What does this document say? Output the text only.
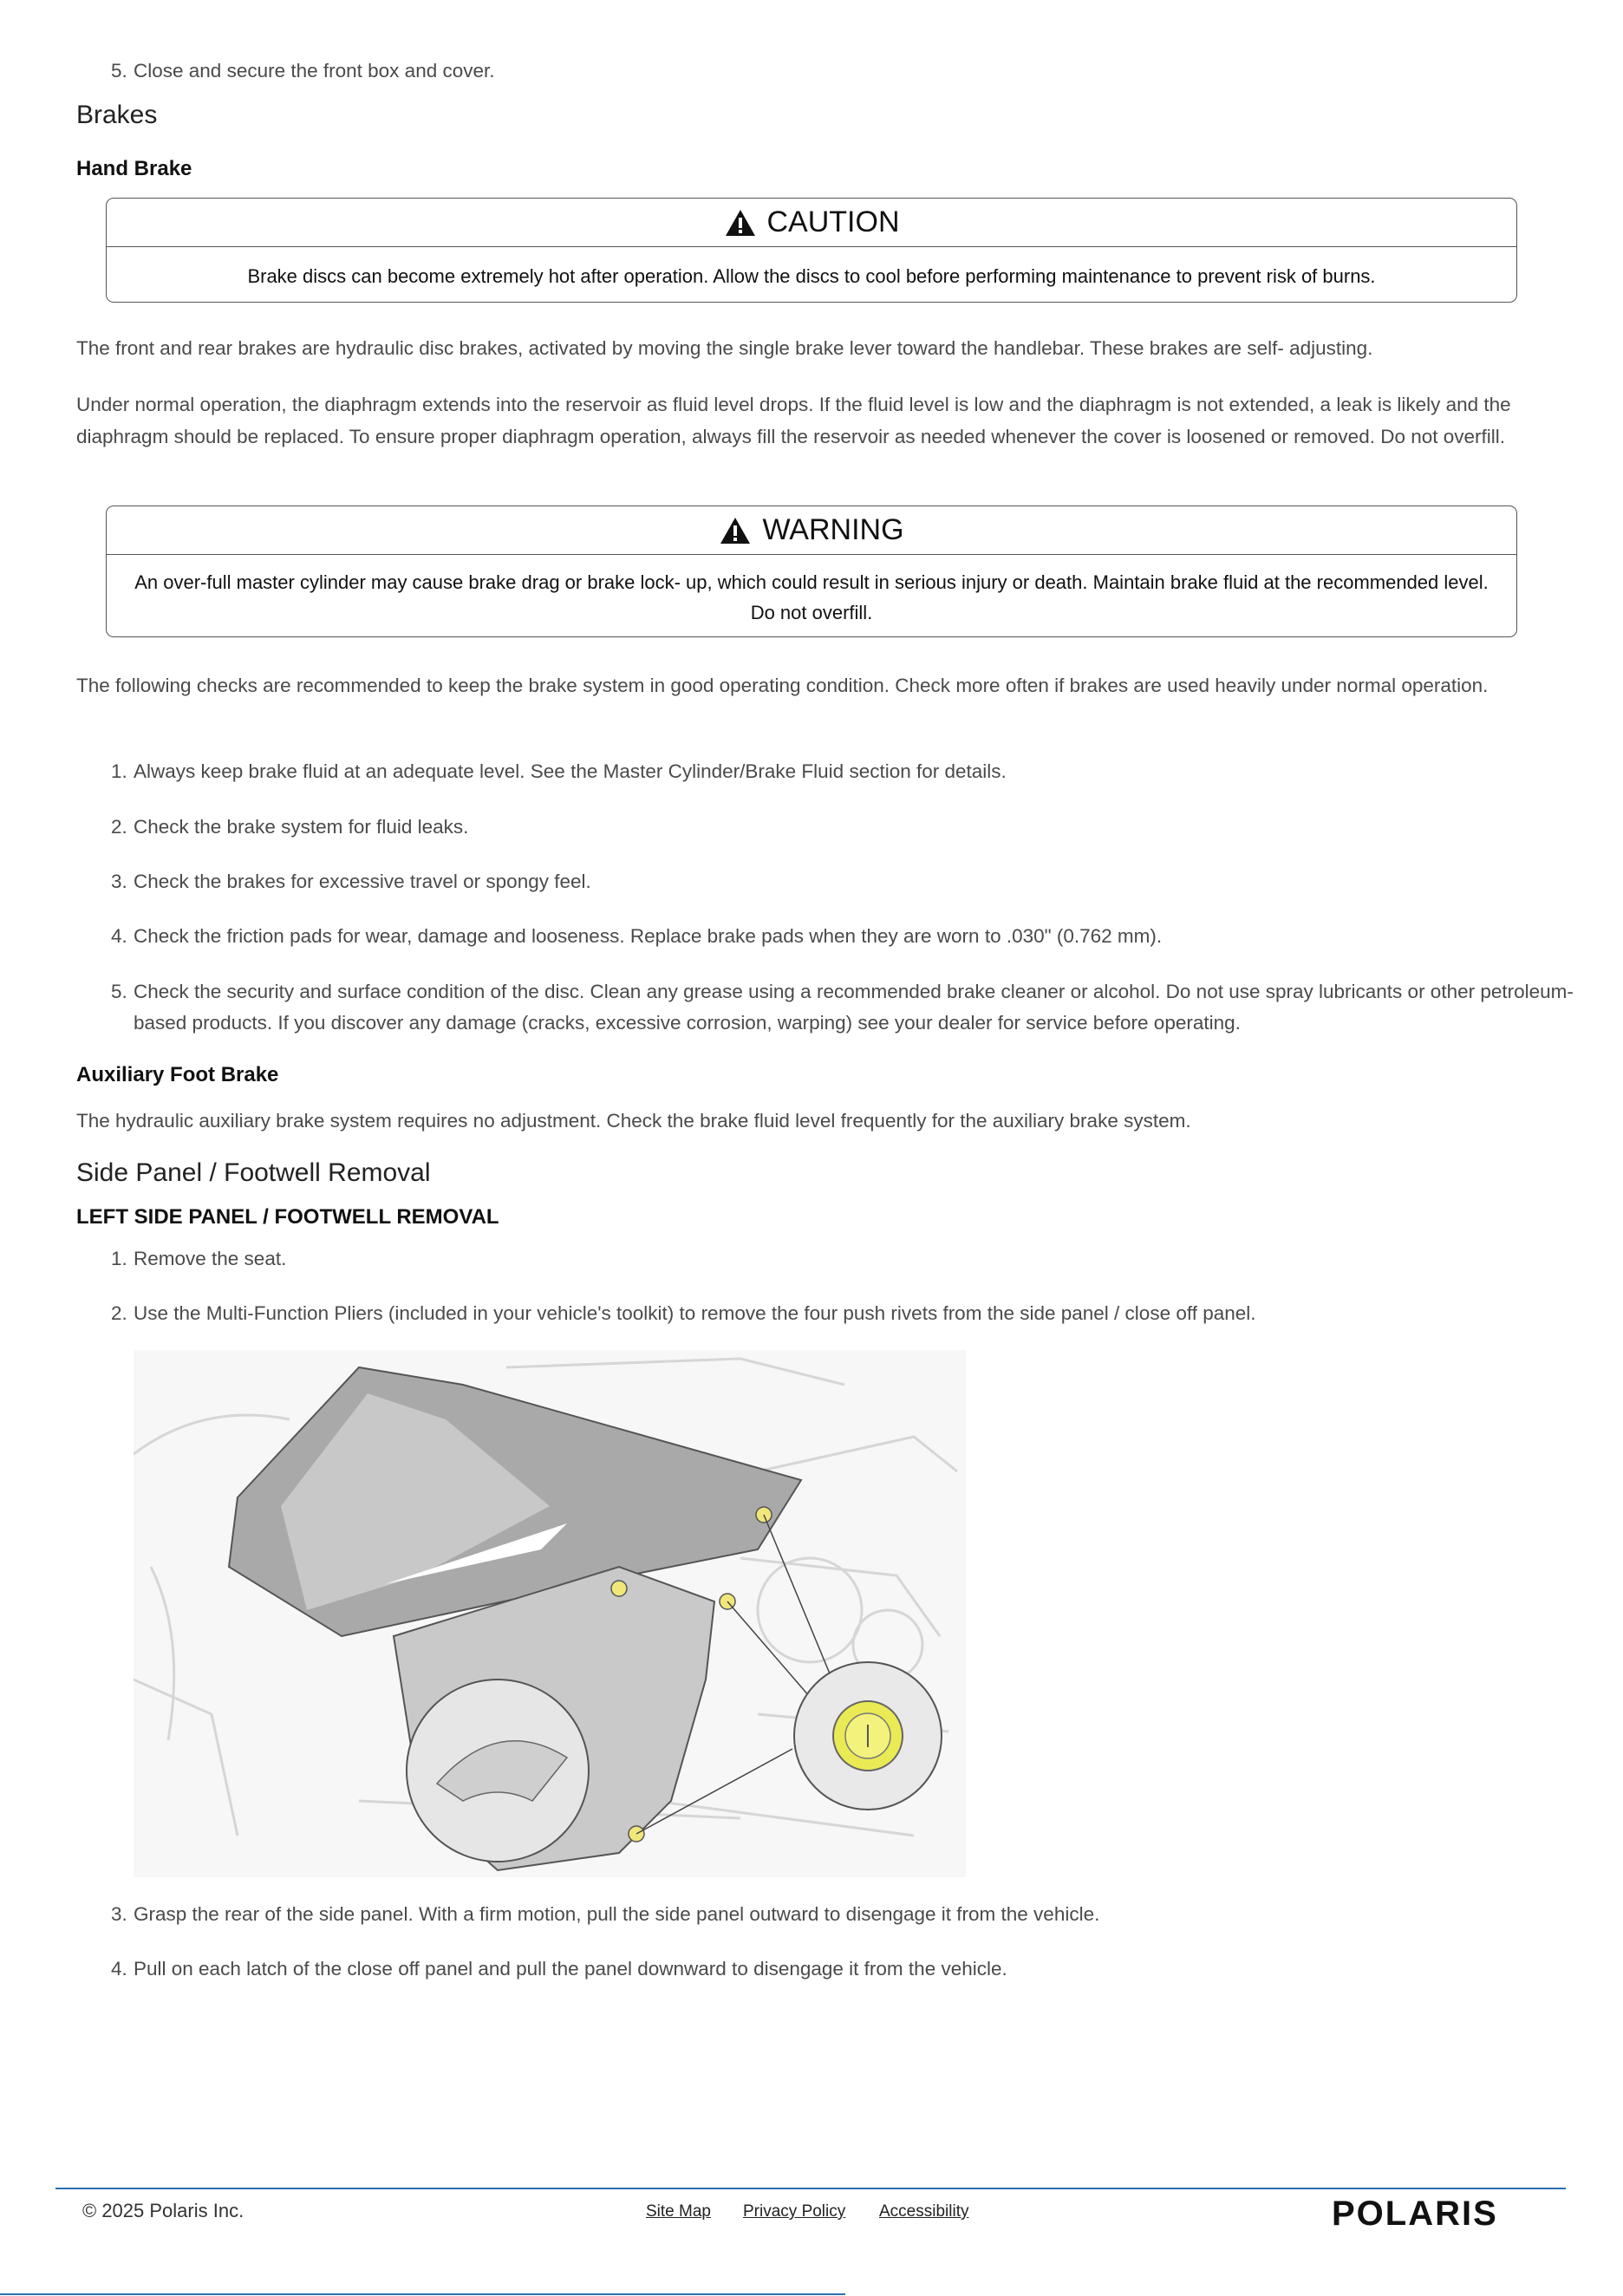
5. Close and secure the front box and cover.
Brakes
Hand Brake
CAUTION
Brake discs can become extremely hot after operation. Allow the discs to cool before performing maintenance to prevent risk of burns.

The front and rear brakes are hydraulic disc brakes, activated by moving the single brake lever toward the handlebar. These brakes are self- adjusting.

Under normal operation, the diaphragm extends into the reservoir as fluid level drops. If the fluid level is low and the diaphragm is not extended, a leak is likely and the diaphragm should be replaced. To ensure proper diaphragm operation, always fill the reservoir as needed whenever the cover is loosened or removed. Do not overfill.

WARNING
An over-full master cylinder may cause brake drag or brake lock- up, which could result in serious injury or death. Maintain brake fluid at the recommended level. Do not overfill.

The following checks are recommended to keep the brake system in good operating condition. Check more often if brakes are used heavily under normal operation.

1. Always keep brake fluid at an adequate level. See the Master Cylinder/Brake Fluid section for details.
2. Check the brake system for fluid leaks.
3. Check the brakes for excessive travel or spongy feel.
4. Check the friction pads for wear, damage and looseness. Replace brake pads when they are worn to .030" (0.762 mm).
5. Check the security and surface condition of the disc. Clean any grease using a recommended brake cleaner or alcohol. Do not use spray lubricants or other petroleum-based products. If you discover any damage (cracks, excessive corrosion, warping) see your dealer for service before operating.
Auxiliary Foot Brake

The hydraulic auxiliary brake system requires no adjustment. Check the brake fluid level frequently for the auxiliary brake system.

Side Panel / Footwell Removal
LEFT SIDE PANEL / FOOTWELL REMOVAL
1. Remove the seat.
2. Use the Multi-Function Pliers (included in your vehicle's toolkit) to remove the four push rivets from the side panel / close off panel.
3. Grasp the rear of the side panel. With a firm motion, pull the side panel outward to disengage it from the vehicle.
4. Pull on each latch of the close off panel and pull the panel downward to disengage it from the vehicle.
© 2025 Polaris Inc.	Site Map Privacy Policy Accessibility	POLARIS
